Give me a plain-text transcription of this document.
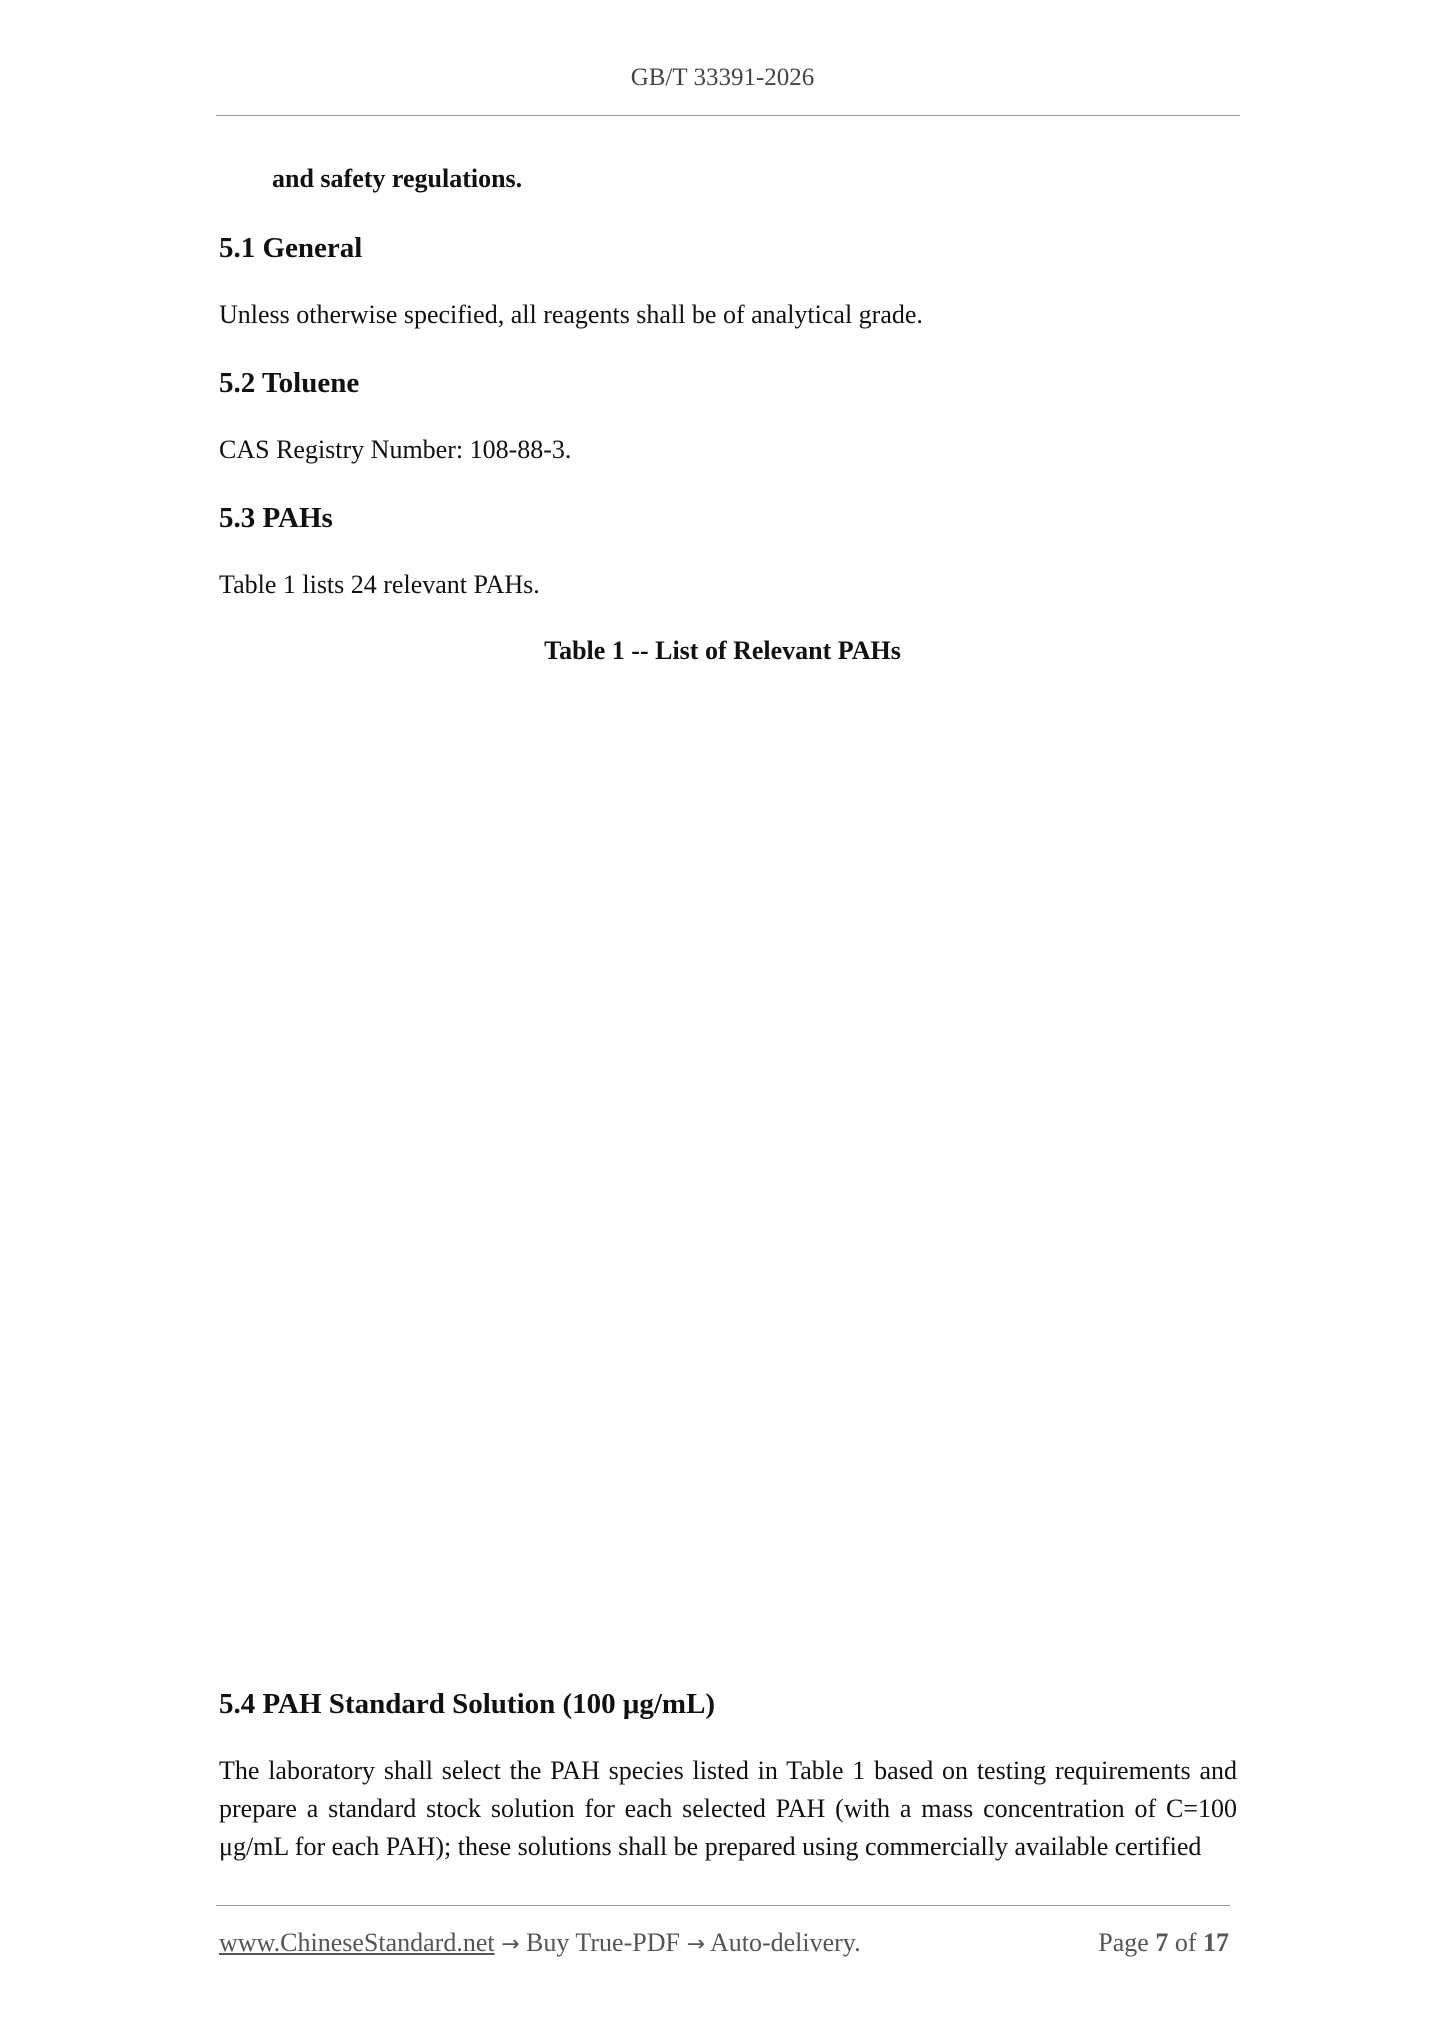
GB/T 33391-2026
and safety regulations.
5.1 General
Unless otherwise specified, all reagents shall be of analytical grade.
5.2 Toluene
CAS Registry Number: 108-88-3.
5.3 PAHs
Table 1 lists 24 relevant PAHs.
Table 1 -- List of Relevant PAHs
5.4 PAH Standard Solution (100 μg/mL)
The laboratory shall select the PAH species listed in Table 1 based on testing requirements and prepare a standard stock solution for each selected PAH (with a mass concentration of C=100 μg/mL for each PAH); these solutions shall be prepared using commercially available certified
www.ChineseStandard.net → Buy True-PDF → Auto-delivery.	Page 7 of 17
